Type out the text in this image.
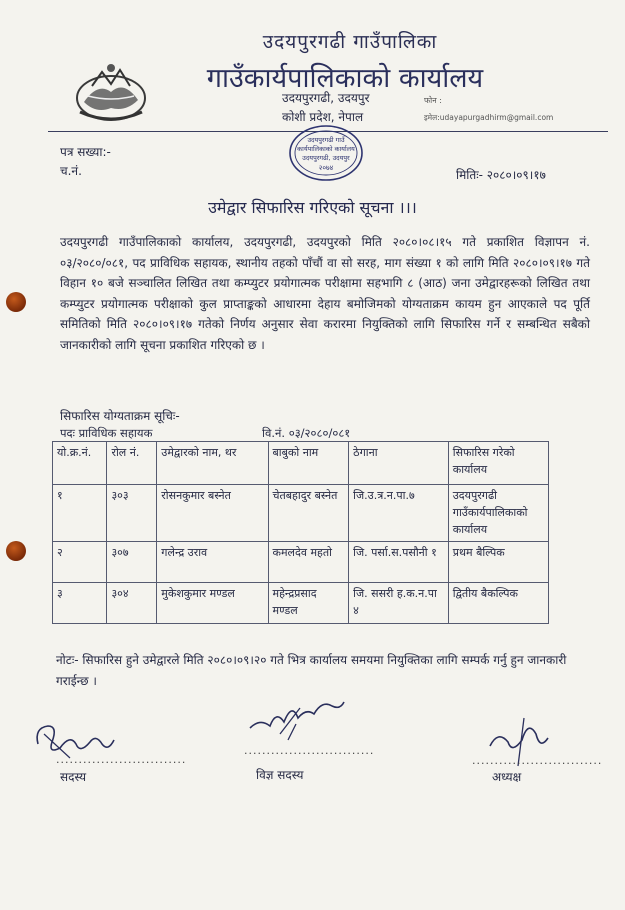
उदयपुरगढी गाउँपालिका
गाउँकार्यपालिकाको कार्यालय
उदयपुरगढी, उदयपुर
कोशी प्रदेश, नेपाल
फोन :
इमेल:udayapurgadhirm@gmail.com
उदयपुरगढी गाउँ
कार्यपालिकाको कार्यालय
उदयपुरगढी, उदयपुर
२०७४
पत्र सख्या:-
च.नं.	मितिः- २०८०।०९।१७
उमेद्वार सिफारिस गरिएको सूचना ।।।
उदयपुरगढी गाउँपालिकाको कार्यालय, उदयपुरगढी, उदयपुरको मिति २०८०।०८।१५ गते प्रकाशित विज्ञापन नं. ०३/२०८०/०८१, पद प्राविधिक सहायक, स्थानीय तहको पाँचौं वा सो सरह, माग संख्या १ को लागि मिति २०८०।०९।१७ गते विहान १० बजे सञ्चालित लिखित तथा कम्प्युटर प्रयोगात्मक परीक्षामा सहभागि ८ (आठ) जना उमेद्वारहरूको लिखित तथा कम्प्युटर प्रयोगात्मक परीक्षाको कुल प्राप्ताङ्कको आधारमा देहाय बमोजिमको योग्यताक्रम कायम हुन आएकाले पद पूर्ति समितिको मिति २०८०।०९।१७ गतेको निर्णय अनुसार सेवा करारमा नियुक्तिको लागि सिफारिस गर्ने र सम्बन्धित सबैको जानकारीको लागि सूचना प्रकाशित गरिएको छ ।
सिफारिस योग्यताक्रम सूचिः-
पदः प्राविधिक सहायक	वि.नं. ०३/२०८०/०८१
यो.क्र.नं.	रोल नं.	उमेद्वारको नाम, थर	बाबुको नाम	ठेगाना	सिफारिस गरेको कार्यालय
१	३०३	रोसनकुमार बस्नेत	चेतबहादुर बस्नेत	जि.उ.त्र.न.पा.७	उदयपुरगढी गाउँकार्यपालिकाको कार्यालय
२	३०७	गलेन्द्र उराव	कमलदेव महतो	जि. पर्सा.स.पसौनी १	प्रथम बैल्पिक
३	३०४	मुकेशकुमार मण्डल	महेन्द्रप्रसाद मण्डल	जि. ससरी ह.क.न.पा ४	द्वितीय बैकल्पिक
नोटः- सिफारिस हुने उमेद्वारले मिति २०८०।०९।२० गते भित्र कार्यालय समयमा नियुक्तिका लागि सम्पर्क गर्नु हुन जानकारी गराईन्छ ।
.............................
सदस्य
.............................
विज्ञ सदस्य
.............................
अध्यक्ष
